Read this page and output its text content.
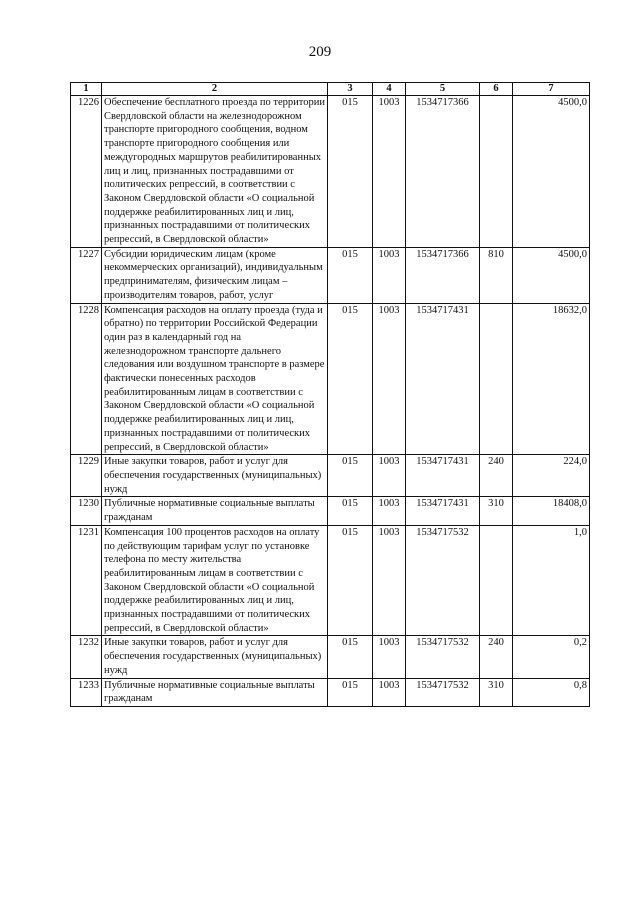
209
1	2	3	4	5	6	7
1226	Обеспечение бесплатного проезда по территории Свердловской области на железнодорожном транспорте пригородного сообщения, водном транспорте пригородного сообщения или междугородных маршрутов реабилитированных лиц и лиц, признанных пострадавшими от политических репрессий, в соответствии с Законом Свердловской области «О социальной поддержке реабилитированных лиц и лиц, признанных пострадавшими от политических репрессий, в Свердловской области»	015	1003	1534717366		4500,0
1227	Субсидии юридическим лицам (кроме некоммерческих организаций), индивидуальным предпринимателям, физическим лицам – производителям товаров, работ, услуг	015	1003	1534717366	810	4500,0
1228	Компенсация расходов на оплату проезда (туда и обратно) по территории Российской Федерации один раз в календарный год на железнодорожном транспорте дальнего следования или воздушном транспорте в размере фактически понесенных расходов реабилитированным лицам в соответствии с Законом Свердловской области «О социальной поддержке реабилитированных лиц и лиц, признанных пострадавшими от политических репрессий, в Свердловской области»	015	1003	1534717431		18632,0
1229	Иные закупки товаров, работ и услуг для обеспечения государственных (муниципальных) нужд	015	1003	1534717431	240	224,0
1230	Публичные нормативные социальные выплаты гражданам	015	1003	1534717431	310	18408,0
1231	Компенсация 100 процентов расходов на оплату по действующим тарифам услуг по установке телефона по месту жительства реабилитированным лицам в соответствии с Законом Свердловской области «О социальной поддержке реабилитированных лиц и лиц, признанных пострадавшими от политических репрессий, в Свердловской области»	015	1003	1534717532		1,0
1232	Иные закупки товаров, работ и услуг для обеспечения государственных (муниципальных) нужд	015	1003	1534717532	240	0,2
1233	Публичные нормативные социальные выплаты гражданам	015	1003	1534717532	310	0,8
